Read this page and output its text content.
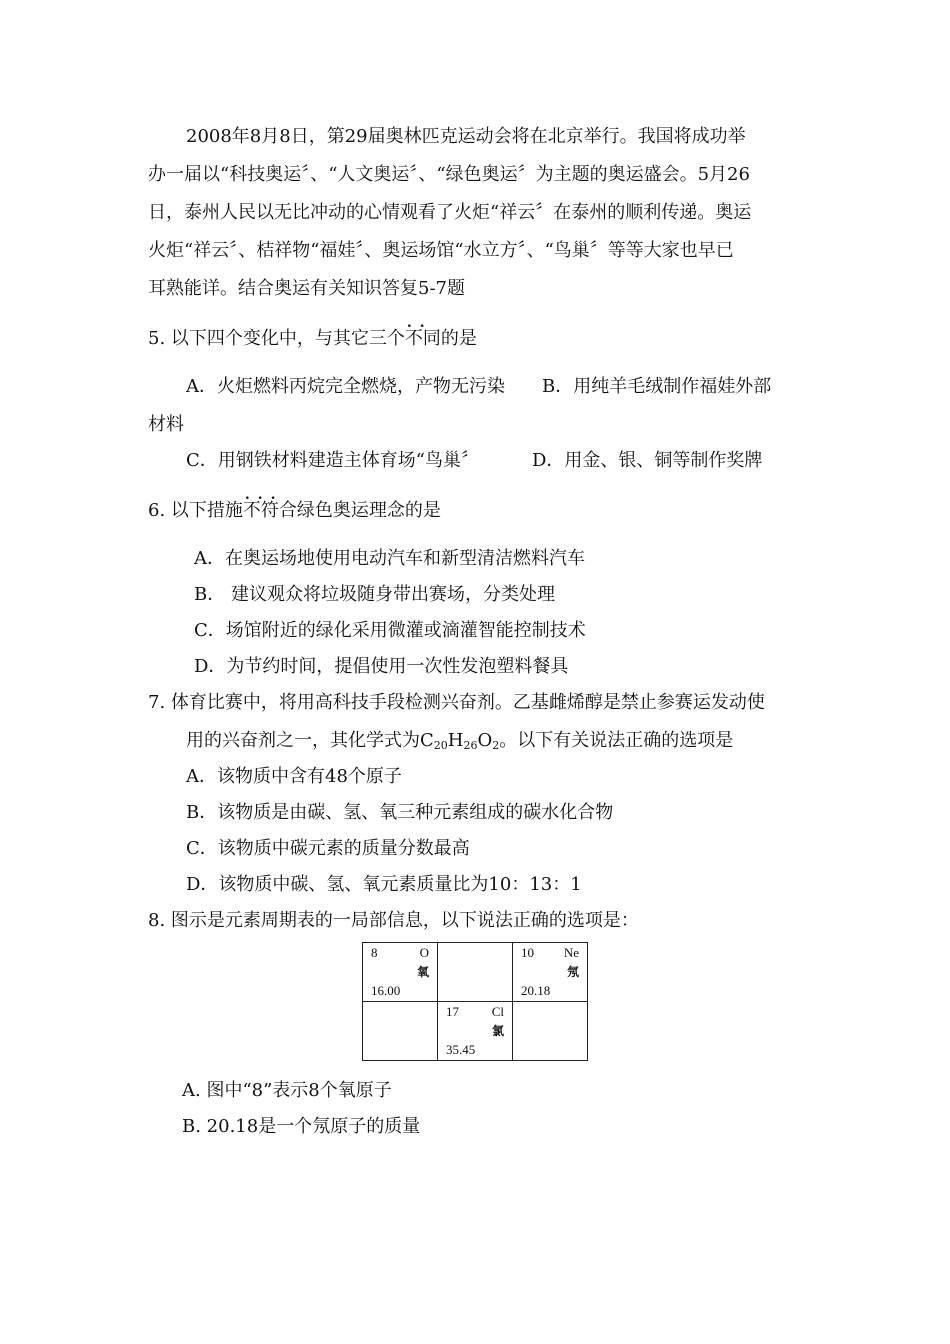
2008年8月8日，第29届奥林匹克运动会将在北京举行。我国将成功举
办一届以“科技奥运〞、“人文奥运〞、“绿色奥运〞为主题的奥运盛会。5月26
日，泰州人民以无比冲动的心情观看了火炬“祥云〞在泰州的顺利传递。奥运
火炬“祥云〞、桔祥物“福娃〞、奥运场馆“水立方〞、“鸟巢〞等等大家也早已
耳熟能详。结合奥运有关知识答复5-7题
5. 以下四个变化中，与其它三个
..
不同的是
A．火炬燃料丙烷完全燃烧，产物无污染 B．用纯羊毛绒制作福娃外部
材料
C．用钢铁材料建造主体育场“鸟巢〞	D．用金、银、铜等制作奖牌
6. 以下措施
...
不符合绿色奥运理念的是
A．在奥运场地使用电动汽车和新型清洁燃料汽车
B． 建议观众将垃圾随身带出赛场，分类处理
C．场馆附近的绿化采用微灌或滴灌智能控制技术
D．为节约时间，提倡使用一次性发泡塑料餐具
7. 体育比赛中，将用高科技手段检测兴奋剂。乙基雌烯醇是禁止参赛运发动使
用的兴奋剂之一，其化学式为$C_{20}H_{26}O_2$。以下有关说法正确的选项是
A．该物质中含有48个原子
B．该物质是由碳、氢、氧三种元素组成的碳水化合物
C．该物质中碳元素的质量分数最高
D．该物质中碳、氢、氧元素质量比为10：13：1
8. 图示是元素周期表的一局部信息，以下说法正确的选项是：
8 O
氧
16.00		10 Ne
氖
20.18

	17 Cl
氯
35.45	

A. 图中“8”表示8个氧原子
B. 20.18是一个氖原子的质量
